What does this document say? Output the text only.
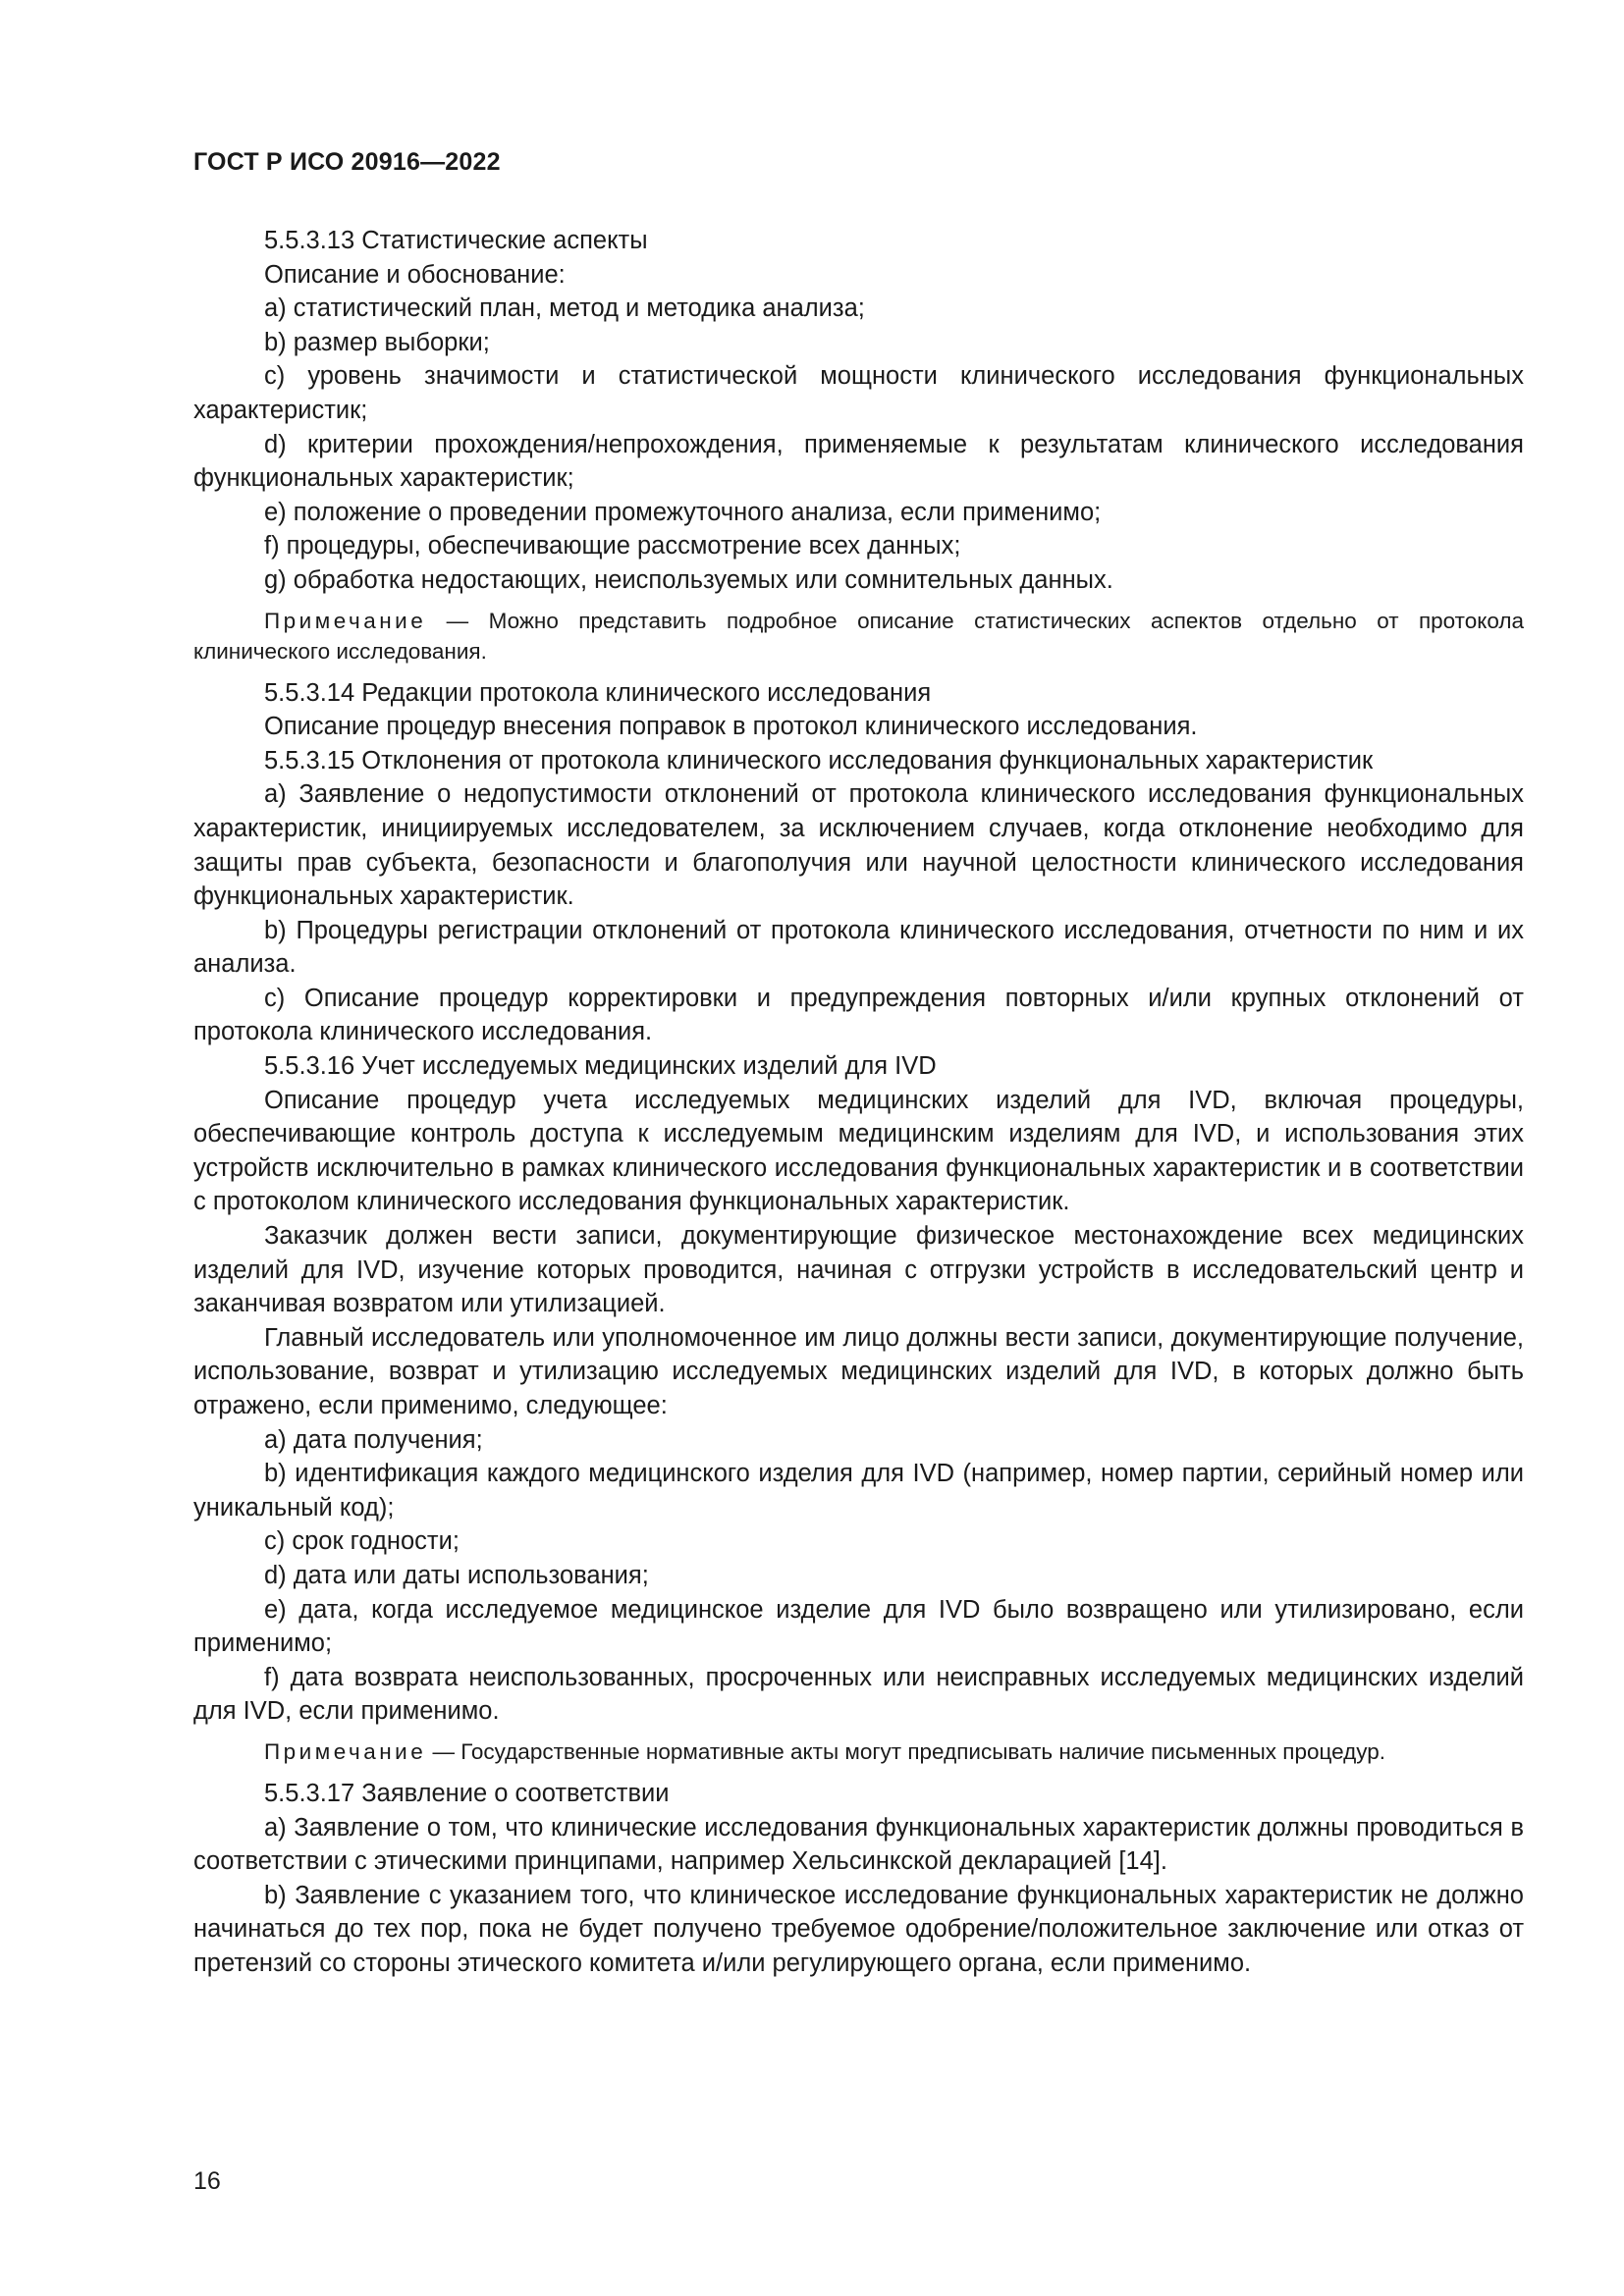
ГОСТ Р ИСО 20916—2022

5.5.3.13 Статистические аспекты

Описание и обоснование:

a) статистический план, метод и методика анализа;

b) размер выборки;

c) уровень значимости и статистической мощности клинического исследования функциональных характеристик;

d) критерии прохождения/непрохождения, применяемые к результатам клинического исследования функциональных характеристик;

e) положение о проведении промежуточного анализа, если применимо;

f) процедуры, обеспечивающие рассмотрение всех данных;

g) обработка недостающих, неиспользуемых или сомнительных данных.

Примечание — Можно представить подробное описание статистических аспектов отдельно от протокола клинического исследования.

5.5.3.14 Редакции протокола клинического исследования

Описание процедур внесения поправок в протокол клинического исследования.

5.5.3.15 Отклонения от протокола клинического исследования функциональных характеристик

a) Заявление о недопустимости отклонений от протокола клинического исследования функциональных характеристик, инициируемых исследователем, за исключением случаев, когда отклонение необходимо для защиты прав субъекта, безопасности и благополучия или научной целостности клинического исследования функциональных характеристик.

b) Процедуры регистрации отклонений от протокола клинического исследования, отчетности по ним и их анализа.

c) Описание процедур корректировки и предупреждения повторных и/или крупных отклонений от протокола клинического исследования.

5.5.3.16 Учет исследуемых медицинских изделий для IVD

Описание процедур учета исследуемых медицинских изделий для IVD, включая процедуры, обеспечивающие контроль доступа к исследуемым медицинским изделиям для IVD, и использования этих устройств исключительно в рамках клинического исследования функциональных характеристик и в соответствии с протоколом клинического исследования функциональных характеристик.

Заказчик должен вести записи, документирующие физическое местонахождение всех медицинских изделий для IVD, изучение которых проводится, начиная с отгрузки устройств в исследовательский центр и заканчивая возвратом или утилизацией.

Главный исследователь или уполномоченное им лицо должны вести записи, документирующие получение, использование, возврат и утилизацию исследуемых медицинских изделий для IVD, в которых должно быть отражено, если применимо, следующее:

a) дата получения;

b) идентификация каждого медицинского изделия для IVD (например, номер партии, серийный номер или уникальный код);

c) срок годности;

d) дата или даты использования;

e) дата, когда исследуемое медицинское изделие для IVD было возвращено или утилизировано, если применимо;

f) дата возврата неиспользованных, просроченных или неисправных исследуемых медицинских изделий для IVD, если применимо.

Примечание — Государственные нормативные акты могут предписывать наличие письменных процедур.

5.5.3.17 Заявление о соответствии

a) Заявление о том, что клинические исследования функциональных характеристик должны проводиться в соответствии с этическими принципами, например Хельсинкской декларацией [14].

b) Заявление с указанием того, что клиническое исследование функциональных характеристик не должно начинаться до тех пор, пока не будет получено требуемое одобрение/положительное заключение или отказ от претензий со стороны этического комитета и/или регулирующего органа, если применимо.

16
